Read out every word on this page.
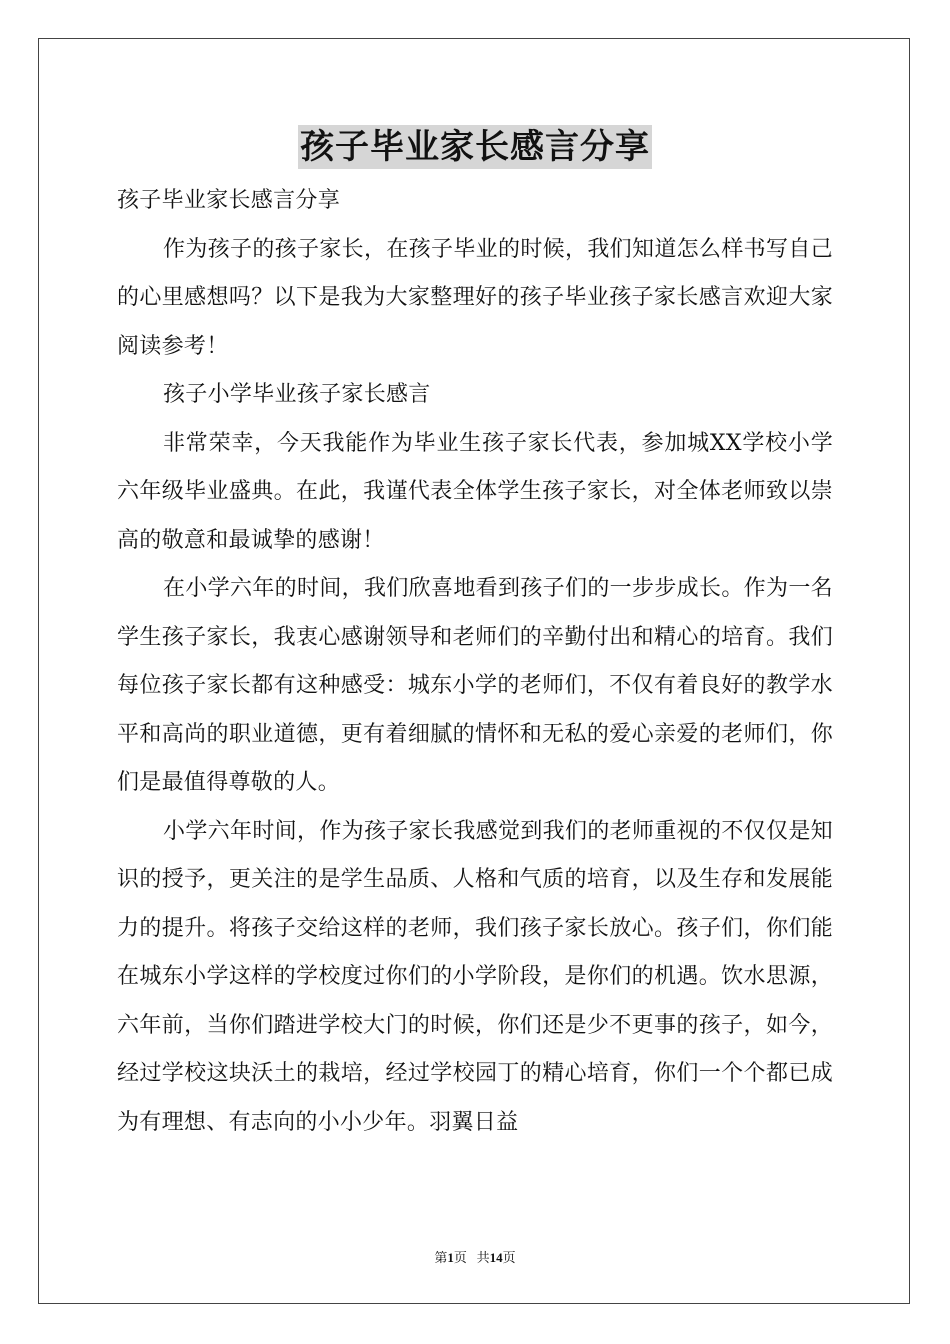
孩子毕业家长感言分享

孩子毕业家长感言分享

作为孩子的孩子家长，在孩子毕业的时候，我们知道怎么样书写自己的心里感想吗？以下是我为大家整理好的孩子毕业孩子家长感言欢迎大家阅读参考！

孩子小学毕业孩子家长感言

非常荣幸，今天我能作为毕业生孩子家长代表，参加城XX学校小学六年级毕业盛典。在此，我谨代表全体学生孩子家长，对全体老师致以崇高的敬意和最诚挚的感谢！

在小学六年的时间，我们欣喜地看到孩子们的一步步成长。作为一名学生孩子家长，我衷心感谢领导和老师们的辛勤付出和精心的培育。我们每位孩子家长都有这种感受：城东小学的老师们，不仅有着良好的教学水平和高尚的职业道德，更有着细腻的情怀和无私的爱心亲爱的老师们，你们是最值得尊敬的人。

小学六年时间，作为孩子家长我感觉到我们的老师重视的不仅仅是知识的授予，更关注的是学生品质、人格和气质的培育，以及生存和发展能力的提升。将孩子交给这样的老师，我们孩子家长放心。孩子们，你们能在城东小学这样的学校度过你们的小学阶段，是你们的机遇。饮水思源，六年前，当你们踏进学校大门的时候，你们还是少不更事的孩子，如今，经过学校这块沃土的栽培，经过学校园丁的精心培育，你们一个个都已成为有理想、有志向的小小少年。羽翼日益

第1页 共14页
